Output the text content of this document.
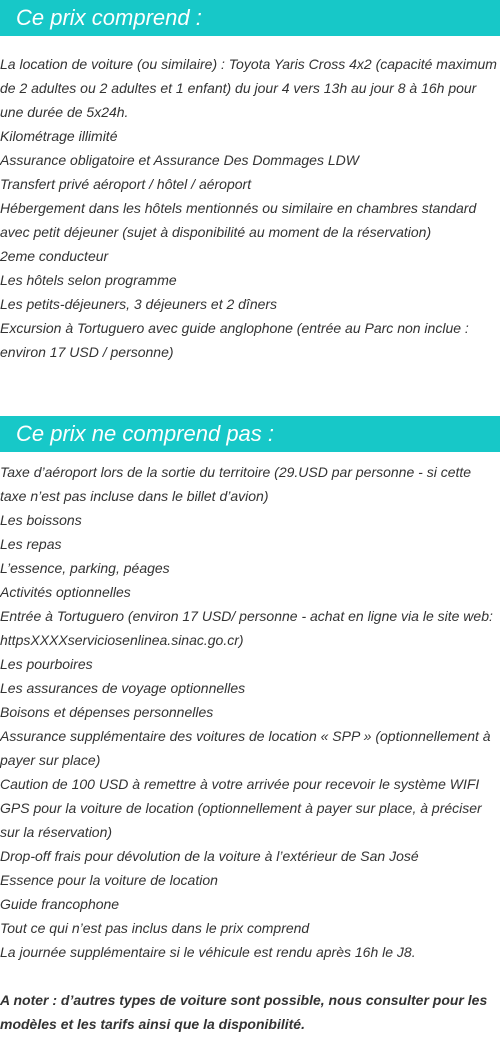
Ce prix comprend :
La location de voiture (ou similaire) : Toyota Yaris Cross 4x2 (capacité maximum de 2 adultes ou 2 adultes et 1 enfant) du jour 4 vers 13h au jour 8 à 16h pour une durée de 5x24h.
Kilométrage illimité
Assurance obligatoire et Assurance Des Dommages LDW
Transfert privé aéroport / hôtel / aéroport
Hébergement dans les hôtels mentionnés ou similaire en chambres standard avec petit déjeuner (sujet à disponibilité au moment de la réservation)
2eme conducteur
Les hôtels selon programme
Les petits-déjeuners, 3 déjeuners et 2 dîners
Excursion à Tortuguero avec guide anglophone (entrée au Parc non inclue : environ 17 USD / personne)
Ce prix ne comprend pas :
Taxe d’aéroport lors de la sortie du territoire (29.USD par personne - si cette taxe n’est pas incluse dans le billet d’avion)
Les boissons
Les repas
L’essence, parking, péages
Activités optionnelles
Entrée à Tortuguero (environ 17 USD/ personne - achat en ligne via le site web: httpsXXXXserviciosenlinea.sinac.go.cr)
Les pourboires
Les assurances de voyage optionnelles
Boisons et dépenses personnelles
Assurance supplémentaire des voitures de location « SPP » (optionnellement à payer sur place)
Caution de 100 USD à remettre à votre arrivée pour recevoir le système WIFI GPS pour la voiture de location (optionnellement à payer sur place, à préciser sur la réservation)
Drop-off frais pour dévolution de la voiture à l’extérieur de San José
Essence pour la voiture de location
Guide francophone
Tout ce qui n’est pas inclus dans le prix comprend
La journée supplémentaire si le véhicule est rendu après 16h le J8.

A noter : d’autres types de voiture sont possible, nous consulter pour les modèles et les tarifs ainsi que la disponibilité.
